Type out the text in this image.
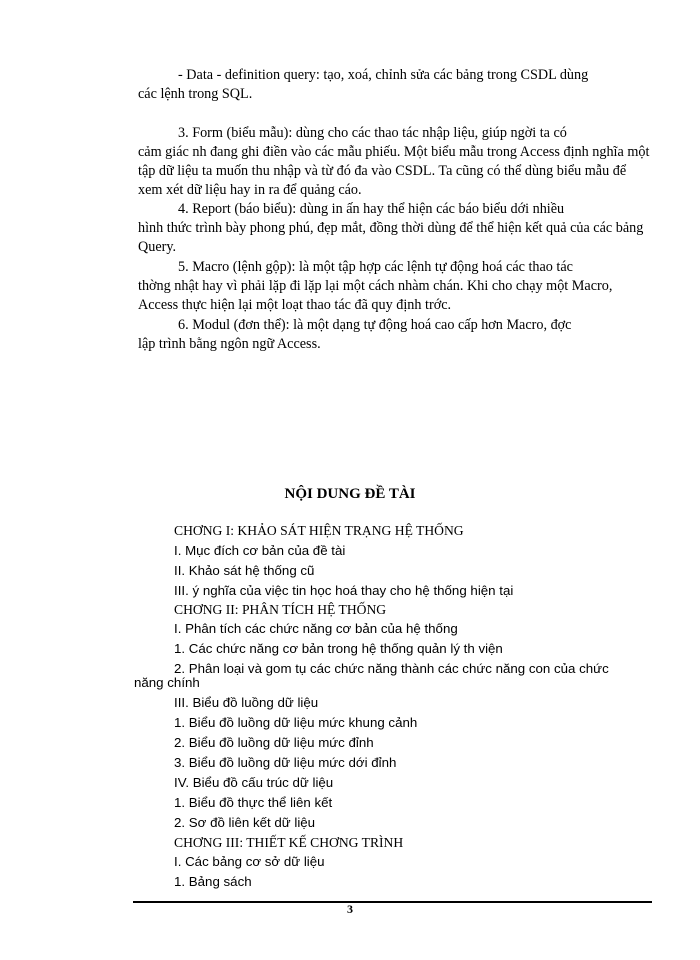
- Data - definition query: tạo, xoá, chỉnh sửa các bảng trong CSDL dùng
các lệnh trong SQL.

3. Form (biểu mẫu): dùng cho các thao tác nhập liệu, giúp ngời ta có
cảm giác nh đang ghi điền vào các mẫu phiếu. Một biểu mẫu trong Access định nghĩa một tập dữ liệu ta muốn thu nhập và từ đó đa vào CSDL. Ta cũng có thể dùng biểu mẫu để xem xét dữ liệu hay in ra để quảng cáo.

4. Report (báo biểu): dùng in ấn hay thể hiện các báo biểu dới nhiều
hình thức trình bày phong phú, đẹp mắt, đồng thời dùng để thể hiện kết quả của các bảng Query.

5. Macro (lệnh gộp): là một tập hợp các lệnh tự động hoá các thao tác
thờng nhật hay vì phải lặp đi lặp lại một cách nhàm chán. Khi cho chạy một Macro, Access thực hiện lại một loạt thao tác đã quy định trớc.

6. Modul (đơn thể): là một dạng tự động hoá cao cấp hơn Macro, đợc
lập trình bằng ngôn ngữ Access.

NỘI DUNG ĐỀ TÀI
CHƠNG I: KHẢO SÁT HIỆN TRẠNG HỆ THỐNG
I. Mục đích cơ bản của đề tài
II. Khảo sát hệ thống cũ
III. ý nghĩa của việc tin học hoá thay cho hệ thống hiện tại
CHƠNG II: PHÂN TÍCH HỆ THỐNG
I. Phân tích các chức năng cơ bản của hệ thống
1. Các chức năng cơ bản trong hệ thống quản lý th viện
2. Phân loại và gom tụ các chức năng thành các chức năng con của chức
năng chính
III. Biểu đồ luồng dữ liệu
1. Biểu đồ luồng dữ liệu mức khung cảnh
2. Biểu đồ luồng dữ liệu mức đỉnh
3. Biểu đồ luồng dữ liệu mức dới đỉnh
IV. Biểu đồ cấu trúc dữ liệu
1. Biểu đồ thực thể liên kết
2. Sơ đồ liên kết dữ liệu
CHƠNG III: THIẾT KẾ CHƠNG TRÌNH
I. Các bảng cơ sở dữ liệu
1. Bảng sách
3
